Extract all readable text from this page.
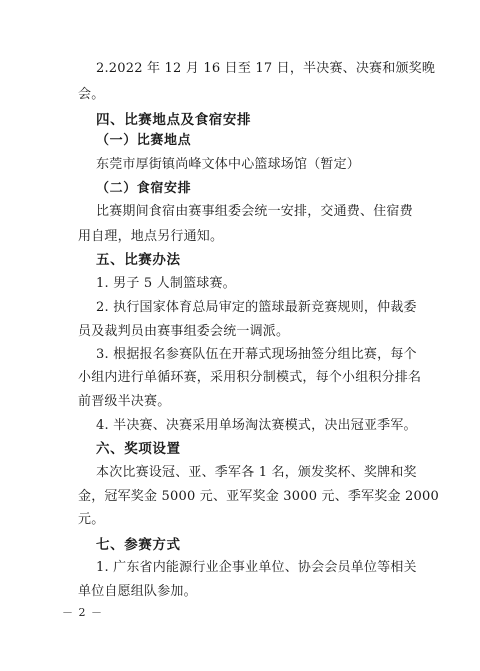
2.2022 年 12 月 16 日至 17 日，半决赛、决赛和颁奖晚
会。
四、比赛地点及食宿安排
（一）比赛地点
东莞市厚街镇尚峰文体中心篮球场馆（暂定）
（二）食宿安排
比赛期间食宿由赛事组委会统一安排，交通费、住宿费
用自理，地点另行通知。
五、比赛办法
1. 男子 5 人制篮球赛。
2. 执行国家体育总局审定的篮球最新竞赛规则，仲裁委
员及裁判员由赛事组委会统一调派。
3. 根据报名参赛队伍在开幕式现场抽签分组比赛，每个
小组内进行单循环赛，采用积分制模式，每个小组积分排名
前晋级半决赛。
4. 半决赛、决赛采用单场淘汰赛模式，决出冠亚季军。
六、奖项设置
本次比赛设冠、亚、季军各 1 名，颁发奖杯、奖牌和奖
金，冠军奖金 5000 元、亚军奖金 3000 元、季军奖金 2000
元。
七、参赛方式
1. 广东省内能源行业企事业单位、协会会员单位等相关
单位自愿组队参加。
－ 2 －
